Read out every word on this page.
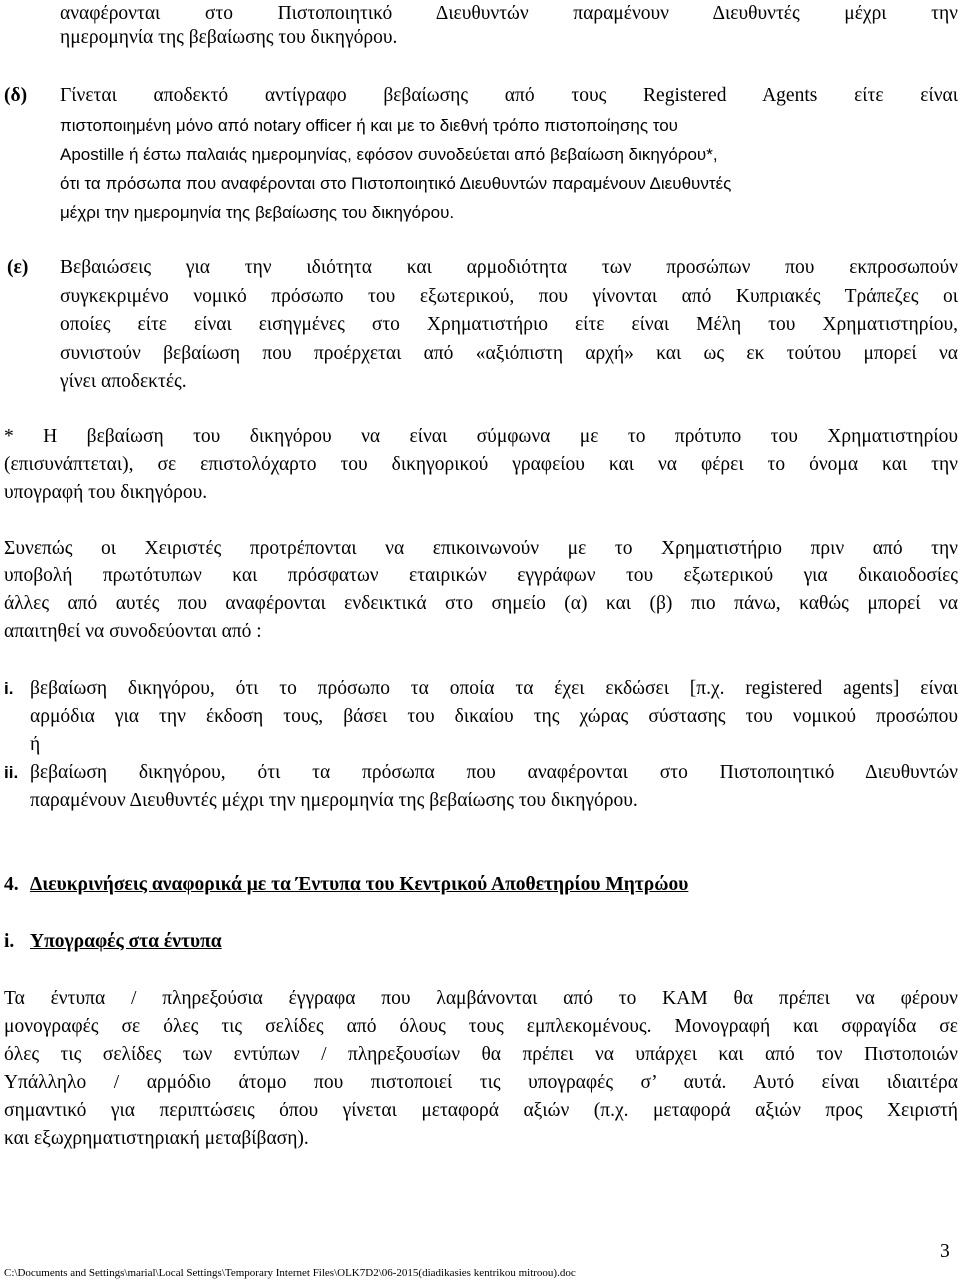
αναφέρονται στο Πιστοποιητικό Διευθυντών παραμένουν Διευθυντές μέχρι την
ημερομηνία της βεβαίωσης του δικηγόρου.
(δ) Γίνεται αποδεκτό αντίγραφο βεβαίωσης από τους Registered Agents είτε είναι
πιστοποιημένη μόνο από notary officer ή και με το διεθνή τρόπο πιστοποίησης του
Apostille ή έστω παλαιάς ημερομηνίας, εφόσον συνοδεύεται από βεβαίωση δικηγόρου*,
ότι τα πρόσωπα που αναφέρονται στο Πιστοποιητικό Διευθυντών παραμένουν Διευθυντές
μέχρι την ημερομηνία της βεβαίωσης του δικηγόρου.
(ε) Βεβαιώσεις για την ιδιότητα και αρμοδιότητα των προσώπων που εκπροσωπούν
συγκεκριμένο νομικό πρόσωπο του εξωτερικού, που γίνονται από Κυπριακές Τράπεζες οι
οποίες είτε είναι εισηγμένες στο Χρηματιστήριο είτε είναι Μέλη του Χρηματιστηρίου,
συνιστούν βεβαίωση που προέρχεται από «αξιόπιστη αρχή» και ως εκ τούτου μπορεί να
γίνει αποδεκτές.
* Η βεβαίωση του δικηγόρου να είναι σύμφωνα με το πρότυπο του Χρηματιστηρίου
(επισυνάπτεται), σε επιστολόχαρτο του δικηγορικού γραφείου και να φέρει το όνομα και την
υπογραφή του δικηγόρου.
Συνεπώς οι Χειριστές προτρέπονται να επικοινωνούν με το Χρηματιστήριο πριν από την
υποβολή πρωτότυπων και πρόσφατων εταιρικών εγγράφων του εξωτερικού για δικαιοδοσίες
άλλες από αυτές που αναφέρονται ενδεικτικά στο σημείο (α) και (β) πιο πάνω, καθώς μπορεί να
απαιτηθεί να συνοδεύονται από :
i. βεβαίωση δικηγόρου, ότι το πρόσωπο τα οποία τα έχει εκδώσει [π.χ. registered agents] είναι
αρμόδια για την έκδοση τους, βάσει του δικαίου της χώρας σύστασης του νομικού προσώπου
ή
ii. βεβαίωση δικηγόρου, ότι τα πρόσωπα που αναφέρονται στο Πιστοποιητικό Διευθυντών
παραμένουν Διευθυντές μέχρι την ημερομηνία της βεβαίωσης του δικηγόρου.
4. Διευκρινήσεις αναφορικά με τα Έντυπα του Κεντρικού Αποθετηρίου Μητρώου
i. Υπογραφές στα έντυπα
Τα έντυπα / πληρεξούσια έγγραφα που λαμβάνονται από το ΚΑΜ θα πρέπει να φέρουν
μονογραφές σε όλες τις σελίδες από όλους τους εμπλεκομένους. Μονογραφή και σφραγίδα σε
όλες τις σελίδες των εντύπων / πληρεξουσίων θα πρέπει να υπάρχει και από τον Πιστοποιών
Υπάλληλο / αρμόδιο άτομο που πιστοποιεί τις υπογραφές σ’ αυτά. Αυτό είναι ιδιαιτέρα
σημαντικό για περιπτώσεις όπου γίνεται μεταφορά αξιών (π.χ. μεταφορά αξιών προς Χειριστή
και εξωχρηματιστηριακή μεταβίβαση).
3
C:\Documents and Settings\marial\Local Settings\Temporary Internet Files\OLK7D2\06-2015(diadikasies kentrikou mitroou).doc
